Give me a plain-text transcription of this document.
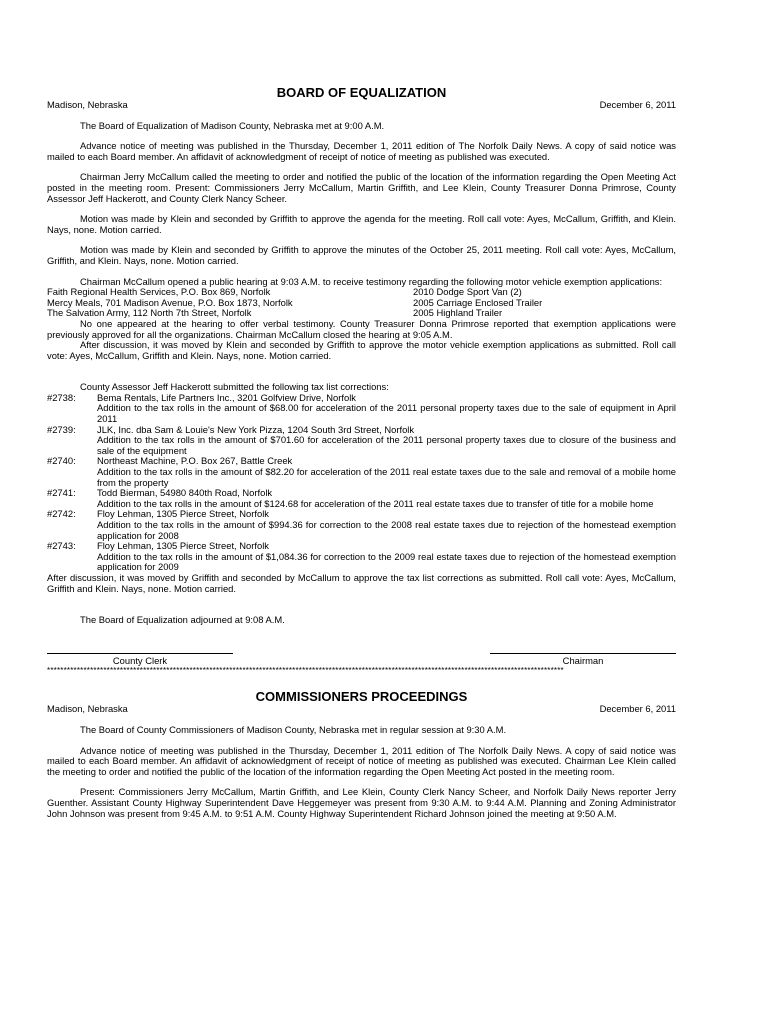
BOARD OF EQUALIZATION
Madison, Nebraska	December 6, 2011

The Board of Equalization of Madison County, Nebraska met at 9:00 A.M.

Advance notice of meeting was published in the Thursday, December 1, 2011 edition of The Norfolk Daily News. A copy of said notice was mailed to each Board member. An affidavit of acknowledgment of receipt of notice of meeting as published was executed.

Chairman Jerry McCallum called the meeting to order and notified the public of the location of the information regarding the Open Meeting Act posted in the meeting room. Present: Commissioners Jerry McCallum, Martin Griffith, and Lee Klein, County Treasurer Donna Primrose, County Assessor Jeff Hackerott, and County Clerk Nancy Scheer.

Motion was made by Klein and seconded by Griffith to approve the agenda for the meeting. Roll call vote: Ayes, McCallum, Griffith, and Klein. Nays, none. Motion carried.

Motion was made by Klein and seconded by Griffith to approve the minutes of the October 25, 2011 meeting. Roll call vote: Ayes, McCallum, Griffith, and Klein. Nays, none. Motion carried.

Chairman McCallum opened a public hearing at 9:03 A.M. to receive testimony regarding the following motor vehicle exemption applications:

Faith Regional Health Services, P.O. Box 869, Norfolk	2010 Dodge Sport Van (2)
Mercy Meals, 701 Madison Avenue, P.O. Box 1873, Norfolk	2005 Carriage Enclosed Trailer
The Salvation Army, 112 North 7th Street, Norfolk	2005 Highland Trailer

No one appeared at the hearing to offer verbal testimony. County Treasurer Donna Primrose reported that exemption applications were previously approved for all the organizations. Chairman McCallum closed the hearing at 9:05 A.M.

After discussion, it was moved by Klein and seconded by Griffith to approve the motor vehicle exemption applications as submitted. Roll call vote: Ayes, McCallum, Griffith and Klein. Nays, none. Motion carried.

County Assessor Jeff Hackerott submitted the following tax list corrections:

#2738:	Bema Rentals, Life Partners Inc., 3201 Golfview Drive, Norfolk
Addition to the tax rolls in the amount of $68.00 for acceleration of the 2011 personal property taxes due to the sale of equipment in April 2011
#2739:	JLK, Inc. dba Sam & Louie's New York Pizza, 1204 South 3rd Street, Norfolk
Addition to the tax rolls in the amount of $701.60 for acceleration of the 2011 personal property taxes due to closure of the business and sale of the equipment
#2740:	Northeast Machine, P.O. Box 267, Battle Creek
Addition to the tax rolls in the amount of $82.20 for acceleration of the 2011 real estate taxes due to the sale and removal of a mobile home from the property
#2741:	Todd Bierman, 54980 840th Road, Norfolk
Addition to the tax rolls in the amount of $124.68 for acceleration of the 2011 real estate taxes due to transfer of title for a mobile home
#2742:	Floy Lehman, 1305 Pierce Street, Norfolk
Addition to the tax rolls in the amount of $994.36 for correction to the 2008 real estate taxes due to rejection of the homestead exemption application for 2008
#2743:	Floy Lehman, 1305 Pierce Street, Norfolk
Addition to the tax rolls in the amount of $1,084.36 for correction to the 2009 real estate taxes due to rejection of the homestead exemption application for 2009

After discussion, it was moved by Griffith and seconded by McCallum to approve the tax list corrections as submitted. Roll call vote: Ayes, McCallum, Griffith and Klein. Nays, none. Motion carried.

The Board of Equalization adjourned at 9:08 A.M.

County Clerk	Chairman
************************************************************************************************************************************************************
COMMISSIONERS PROCEEDINGS
Madison, Nebraska	December 6, 2011

The Board of County Commissioners of Madison County, Nebraska met in regular session at 9:30 A.M.

Advance notice of meeting was published in the Thursday, December 1, 2011 edition of The Norfolk Daily News. A copy of said notice was mailed to each Board member. An affidavit of acknowledgment of receipt of notice of meeting as published was executed. Chairman Lee Klein called the meeting to order and notified the public of the location of the information regarding the Open Meeting Act posted in the meeting room.

Present: Commissioners Jerry McCallum, Martin Griffith, and Lee Klein, County Clerk Nancy Scheer, and Norfolk Daily News reporter Jerry Guenther. Assistant County Highway Superintendent Dave Heggemeyer was present from 9:30 A.M. to 9:44 A.M. Planning and Zoning Administrator John Johnson was present from 9:45 A.M. to 9:51 A.M. County Highway Superintendent Richard Johnson joined the meeting at 9:50 A.M.
